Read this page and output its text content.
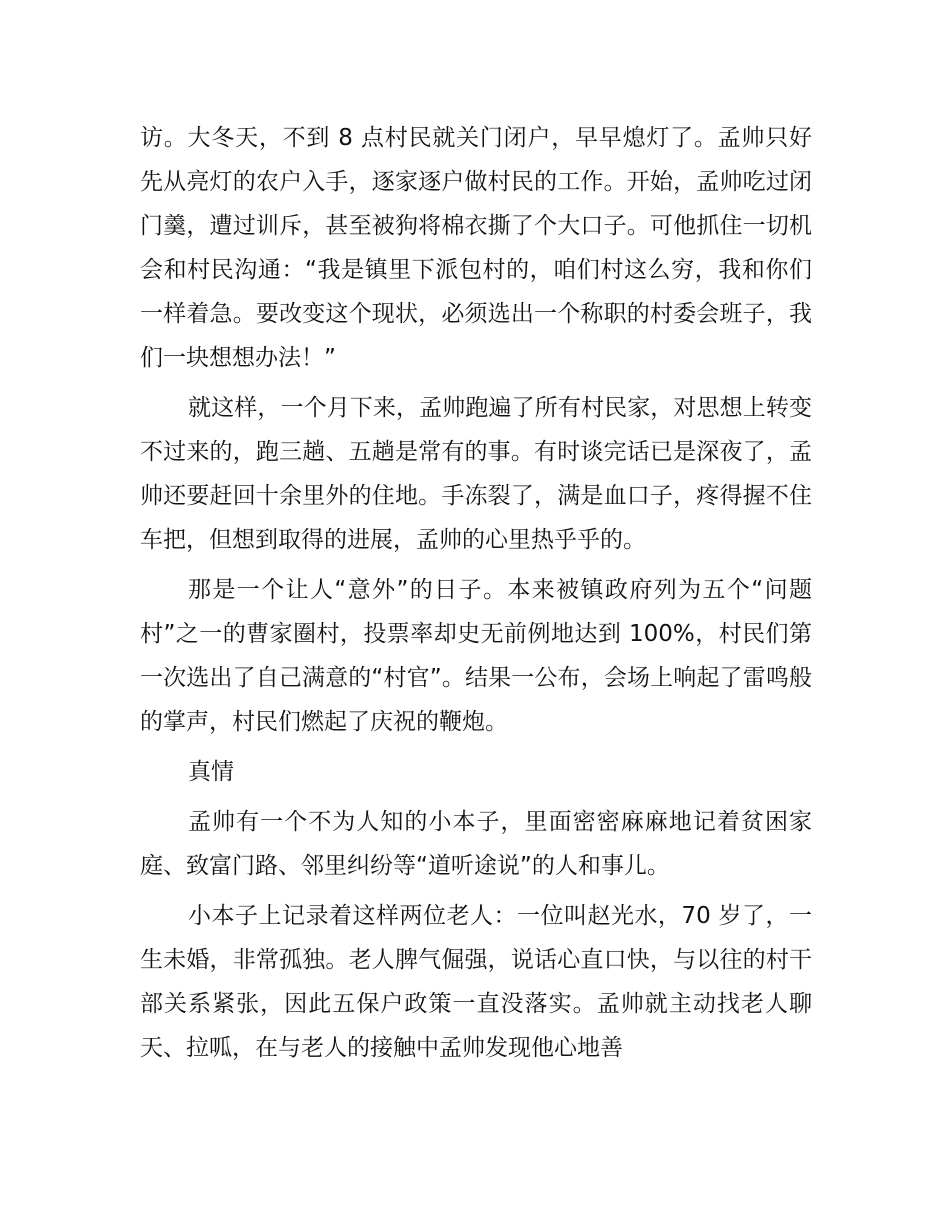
访。大冬天，不到 8 点村民就关门闭户，早早熄灯了。孟帅只好先从亮灯的农户入手，逐家逐户做村民的工作。开始，孟帅吃过闭门羹，遭过训斥，甚至被狗将棉衣撕了个大口子。可他抓住一切机会和村民沟通：“我是镇里下派包村的，咱们村这么穷，我和你们一样着急。要改变这个现状，必须选出一个称职的村委会班子，我们一块想想办法！”

就这样，一个月下来，孟帅跑遍了所有村民家，对思想上转变不过来的，跑三趟、五趟是常有的事。有时谈完话已是深夜了，孟帅还要赶回十余里外的住地。手冻裂了，满是血口子，疼得握不住车把，但想到取得的进展，孟帅的心里热乎乎的。

那是一个让人“意外”的日子。本来被镇政府列为五个“问题村”之一的曹家圈村，投票率却史无前例地达到 100%，村民们第一次选出了自己满意的“村官”。结果一公布，会场上响起了雷鸣般的掌声，村民们燃起了庆祝的鞭炮。

真情

孟帅有一个不为人知的小本子，里面密密麻麻地记着贫困家庭、致富门路、邻里纠纷等“道听途说”的人和事儿。

小本子上记录着这样两位老人：一位叫赵光水，70 岁了，一生未婚，非常孤独。老人脾气倔强，说话心直口快，与以往的村干部关系紧张，因此五保户政策一直没落实。孟帅就主动找老人聊天、拉呱，在与老人的接触中孟帅发现他心地善
